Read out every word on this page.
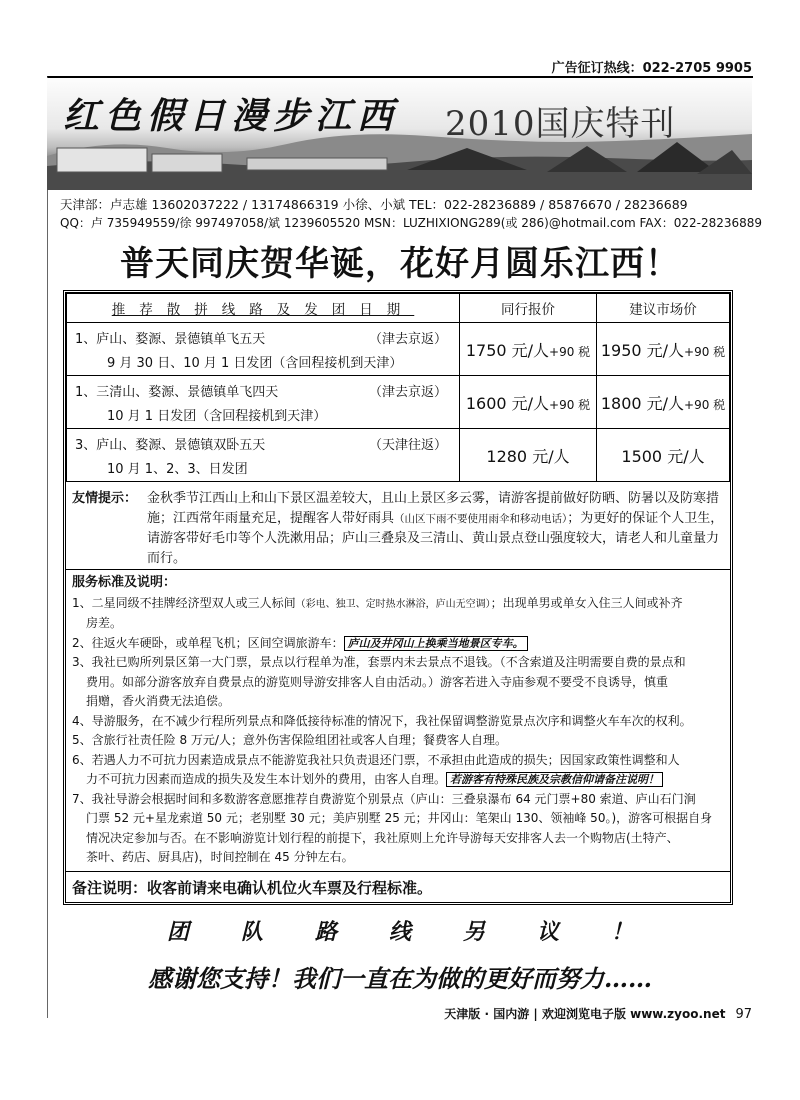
广告征订热线：022-2705 9905
红色假日漫步江西 2010国庆特刊
天津部：卢志雄 13602037222 / 13174866319 小徐、小斌 TEL：022-28236889 / 85876670 / 28236689
QQ：卢 735949559/徐 997497058/斌 1239605520 MSN：LUZHIXIONG289(或 286)@hotmail.com FAX：022-28236889
普天同庆贺华诞，花好月圆乐江西！
推荐散拼线路及发团日期	同行报价	建议市场价

1、庐山、婺源、景德镇单飞五天 （津去京返）
9 月 30 日、10 月 1 日发团（含回程接机到天津）	1750 元/人+90 税	1950 元/人+90 税

1、三清山、婺源、景德镇单飞四天 （津去京返）
10 月 1 日发团（含回程接机到天津）	1600 元/人+90 税	1800 元/人+90 税

3、庐山、婺源、景德镇双卧五天 （天津往返）
10 月 1、2、3、日发团	1280 元/人	1500 元/人
友情提示： 金秋季节江西山上和山下景区温差较大，且山上景区多云雾，请游客提前做好防晒、防暑以及防寒措施；江西常年雨量充足，提醒客人带好雨具（山区下雨不要使用雨伞和移动电话）；为更好的保证个人卫生，请游客带好毛巾等个人洗漱用品；庐山三叠泉及三清山、黄山景点登山强度较大，请老人和儿童量力而行。
服务标准及说明：
1、二星同级不挂牌经济型双人或三人标间（彩电、独卫、定时热水淋浴，庐山无空调）；出现单男或单女入住三人间或补齐
房差。
2、往返火车硬卧，或单程飞机；区间空调旅游车： 庐山及井冈山上换乘当地景区专车。
3、我社已购所列景区第一大门票，景点以行程单为准，套票内未去景点不退钱。（不含索道及注明需要自费的景点和
费用。如部分游客放弃自费景点的游览则导游安排客人自由活动。）游客若进入寺庙参观不要受不良诱导，慎重
捐赠，香火消费无法追偿。
4、导游服务，在不减少行程所列景点和降低接待标准的情况下，我社保留调整游览景点次序和调整火车车次的权利。
5、含旅行社责任险 8 万元/人；意外伤害保险组团社或客人自理；餐费客人自理。
6、若遇人力不可抗力因素造成景点不能游览我社只负责退还门票，不承担由此造成的损失；因国家政策性调整和人
力不可抗力因素而造成的损失及发生本计划外的费用，由客人自理。 若游客有特殊民族及宗教信仰请备注说明！
7、我社导游会根据时间和多数游客意愿推荐自费游览个别景点（庐山：三叠泉瀑布 64 元门票+80 索道、庐山石门涧
门票 52 元+星龙索道 50 元；老别墅 30 元；美庐别墅 25 元；井冈山：笔架山 130、领袖峰 50。)，游客可根据自身
情况决定参加与否。在不影响游览计划行程的前提下，我社原则上允许导游每天安排客人去一个购物店(土特产、
茶叶、药店、厨具店)，时间控制在 45 分钟左右。
备注说明：收客前请来电确认机位火车票及行程标准。
团 队 路 线 另 议 ！
感谢您支持！我们一直在为做的更好而努力……
天津版 · 国内游 | 欢迎浏览电子版 www.zyoo.net 97
